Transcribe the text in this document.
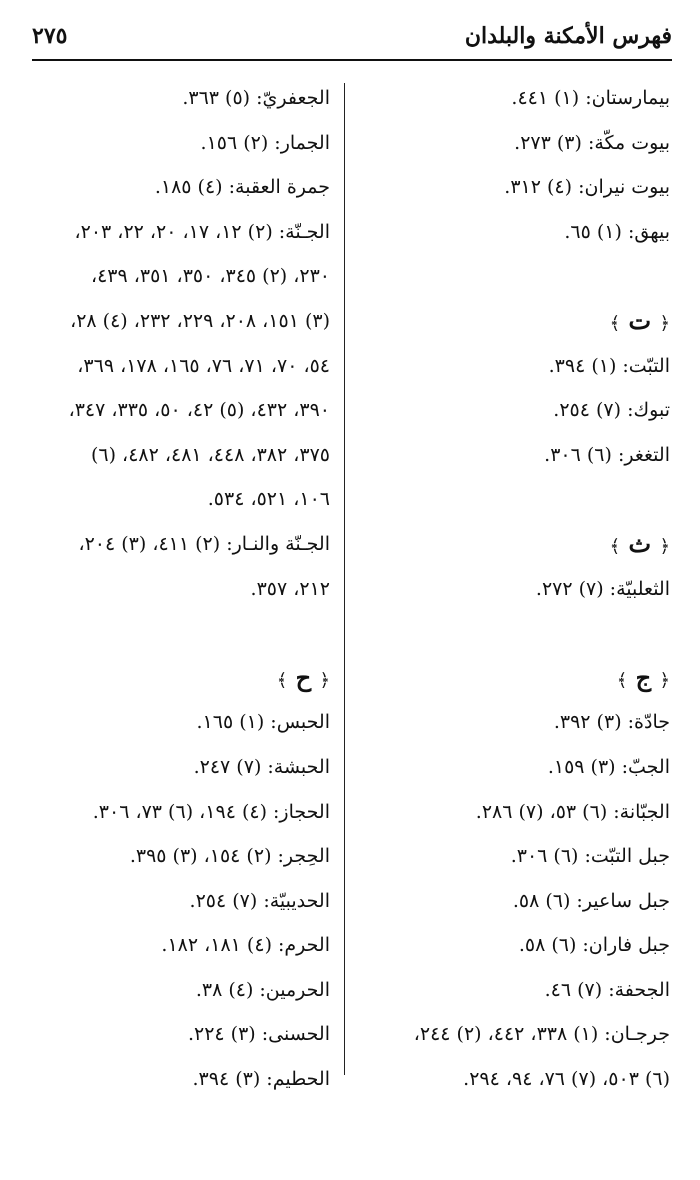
فهرس الأمكنة والبلدان
٢٧٥
بيمارستان: (١) ٤٤١.
بيوت مكّة: (٣) ٢٧٣.
بيوت نيران: (٤) ٣١٢.
بيهق: (١) ٦٥.
﴿ ت ﴾
التبّت: (١) ٣٩٤.
تبوك: (٧) ٢٥٤.
التغغر: (٦) ٣٠٦.
﴿ ث ﴾
الثعلبيّة: (٧) ٢٧٢.
﴿ ج ﴾
جادّة: (٣) ٣٩٢.
الجبّ: (٣) ١٥٩.
الجبّانة: (٦) ٥٣، (٧) ٢٨٦.
جبل التبّت: (٦) ٣٠٦.
جبل ساعير: (٦) ٥٨.
جبل فاران: (٦) ٥٨.
الجحفة: (٧) ٤٦.
جرجـان: (١) ٣٣٨، ٤٤٢، (٢) ٢٤٤،
(٦) ٥٠٣، (٧) ٧٦، ٩٤، ٢٩٤.
الجعفريّ: (٥) ٣٦٣.
الجمار: (٢) ١٥٦.
جمرة العقبة: (٤) ١٨٥.
الجـنّة: (٢) ١٢، ١٧، ٢٠، ٢٢، ٢٠٣،
٢٣٠، (٢) ٣٤٥، ٣٥٠، ٣٥١، ٤٣٩،
(٣) ١٥١، ٢٠٨، ٢٢٩، ٢٣٢، (٤) ٢٨،
٥٤، ٧٠، ٧١، ٧٦، ١٦٥، ١٧٨، ٣٦٩،
٣٩٠، ٤٣٢، (٥) ٤٢، ٥٠، ٣٣٥، ٣٤٧،
٣٧٥، ٣٨٢، ٤٤٨، ٤٨١، ٤٨٢، (٦)
١٠٦، ٥٢١، ٥٣٤.
الجـنّة والنـار: (٢) ٤١١، (٣) ٢٠٤،
٢١٢، ٣٥٧.
﴿ ح ﴾
الحبس: (١) ١٦٥.
الحبشة: (٧) ٢٤٧.
الحجاز: (٤) ١٩٤، (٦) ٧٣، ٣٠٦.
الحِجر: (٢) ١٥٤، (٣) ٣٩٥.
الحديبيّة: (٧) ٢٥٤.
الحرم: (٤) ١٨١، ١٨٢.
الحرمين: (٤) ٣٨.
الحسنى: (٣) ٢٢٤.
الحطيم: (٣) ٣٩٤.
